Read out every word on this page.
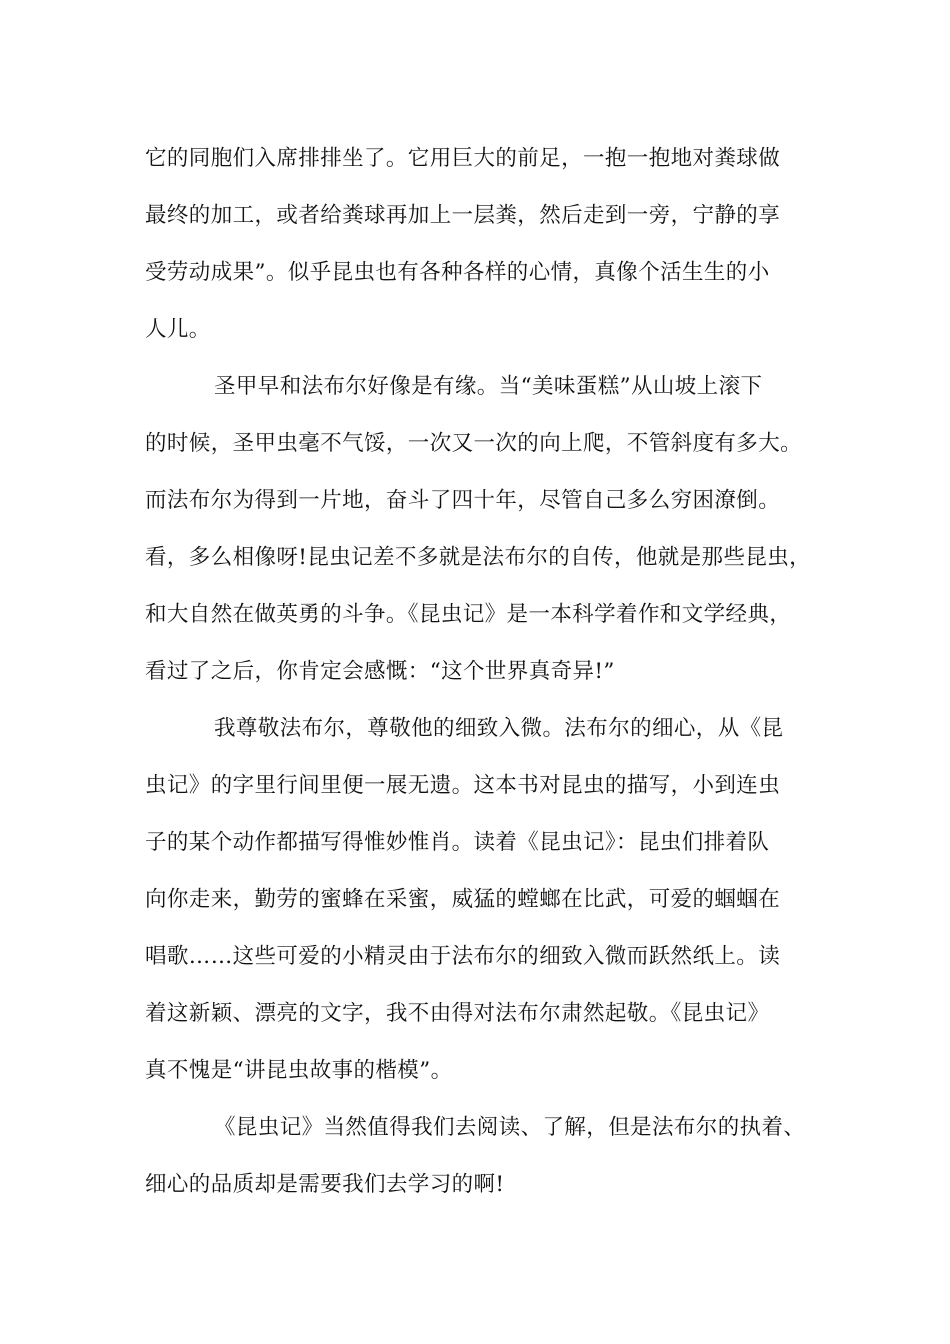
它的同胞们入席排排坐了。它用巨大的前足，一抱一抱地对粪球做
最终的加工，或者给粪球再加上一层粪，然后走到一旁，宁静的享
受劳动成果”。似乎昆虫也有各种各样的心情，真像个活生生的小
人儿。
圣甲早和法布尔好像是有缘。当“美味蛋糕”从山坡上滚下
的时候，圣甲虫毫不气馁，一次又一次的向上爬，不管斜度有多大。
而法布尔为得到一片地，奋斗了四十年，尽管自己多么穷困潦倒。
看，多么相像呀!昆虫记差不多就是法布尔的自传，他就是那些昆虫，
和大自然在做英勇的斗争。《昆虫记》是一本科学着作和文学经典，
看过了之后，你肯定会感慨：“这个世界真奇异!”
我尊敬法布尔，尊敬他的细致入微。法布尔的细心，从《昆
虫记》的字里行间里便一展无遗。这本书对昆虫的描写，小到连虫
子的某个动作都描写得惟妙惟肖。读着《昆虫记》：昆虫们排着队
向你走来，勤劳的蜜蜂在采蜜，威猛的螳螂在比武，可爱的蝈蝈在
唱歌……这些可爱的小精灵由于法布尔的细致入微而跃然纸上。读
着这新颖、漂亮的文字，我不由得对法布尔肃然起敬。《昆虫记》
真不愧是“讲昆虫故事的楷模”。
《昆虫记》当然值得我们去阅读、了解，但是法布尔的执着、
细心的品质却是需要我们去学习的啊!
